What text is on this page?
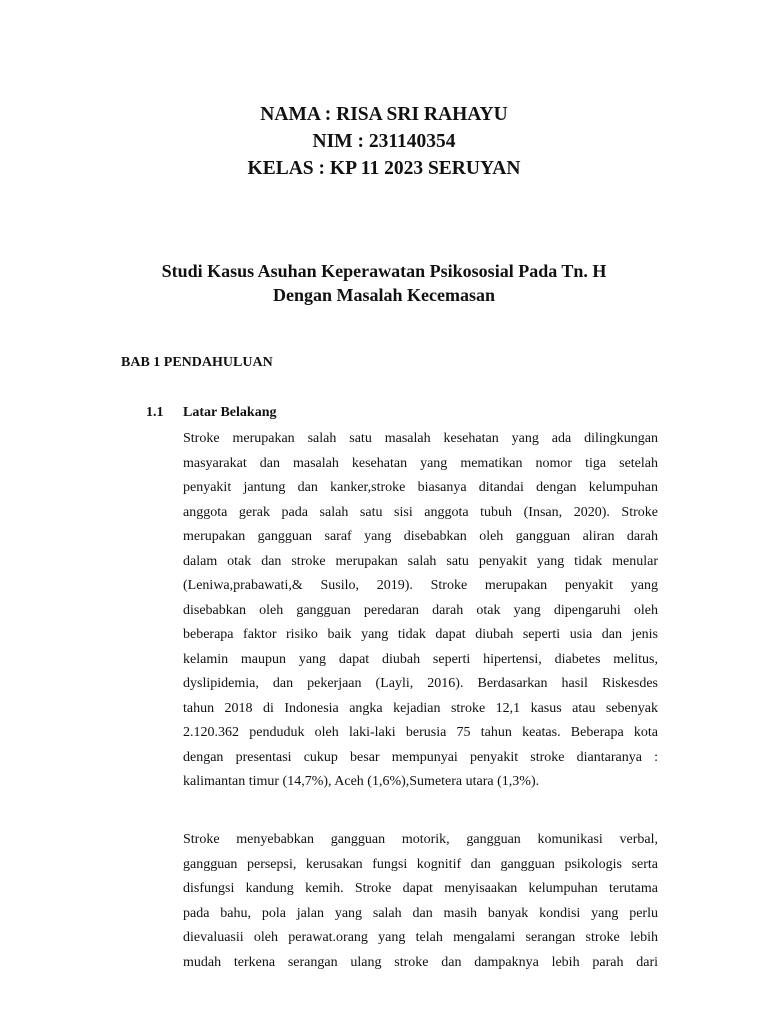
NAMA : RISA SRI RAHAYU
NIM : 231140354
KELAS : KP 11 2023 SERUYAN
Studi Kasus Asuhan Keperawatan Psikososial Pada Tn. H
Dengan Masalah Kecemasan
BAB 1 PENDAHULUAN
1.1 Latar Belakang
Stroke merupakan salah satu masalah kesehatan yang ada dilingkungan
masyarakat dan masalah kesehatan yang mematikan nomor tiga setelah
penyakit jantung dan kanker,stroke biasanya ditandai dengan kelumpuhan
anggota gerak pada salah satu sisi anggota tubuh (Insan, 2020). Stroke
merupakan gangguan saraf yang disebabkan oleh gangguan aliran darah
dalam otak dan stroke merupakan salah satu penyakit yang tidak menular
(Leniwa,prabawati,& Susilo, 2019). Stroke merupakan penyakit yang
disebabkan oleh gangguan peredaran darah otak yang dipengaruhi oleh
beberapa faktor risiko baik yang tidak dapat diubah seperti usia dan jenis
kelamin maupun yang dapat diubah seperti hipertensi, diabetes melitus,
dyslipidemia, dan pekerjaan (Layli, 2016). Berdasarkan hasil Riskesdes
tahun 2018 di Indonesia angka kejadian stroke 12,1 kasus atau sebenyak
2.120.362 penduduk oleh laki-laki berusia 75 tahun keatas. Beberapa kota
dengan presentasi cukup besar mempunyai penyakit stroke diantaranya :
kalimantan timur (14,7%), Aceh (1,6%),Sumetera utara (1,3%).
Stroke menyebabkan gangguan motorik, gangguan komunikasi verbal,
gangguan persepsi, kerusakan fungsi kognitif dan gangguan psikologis serta
disfungsi kandung kemih. Stroke dapat menyisaakan kelumpuhan terutama
pada bahu, pola jalan yang salah dan masih banyak kondisi yang perlu
dievaluasii oleh perawat.orang yang telah mengalami serangan stroke lebih
mudah terkena serangan ulang stroke dan dampaknya lebih parah dari
